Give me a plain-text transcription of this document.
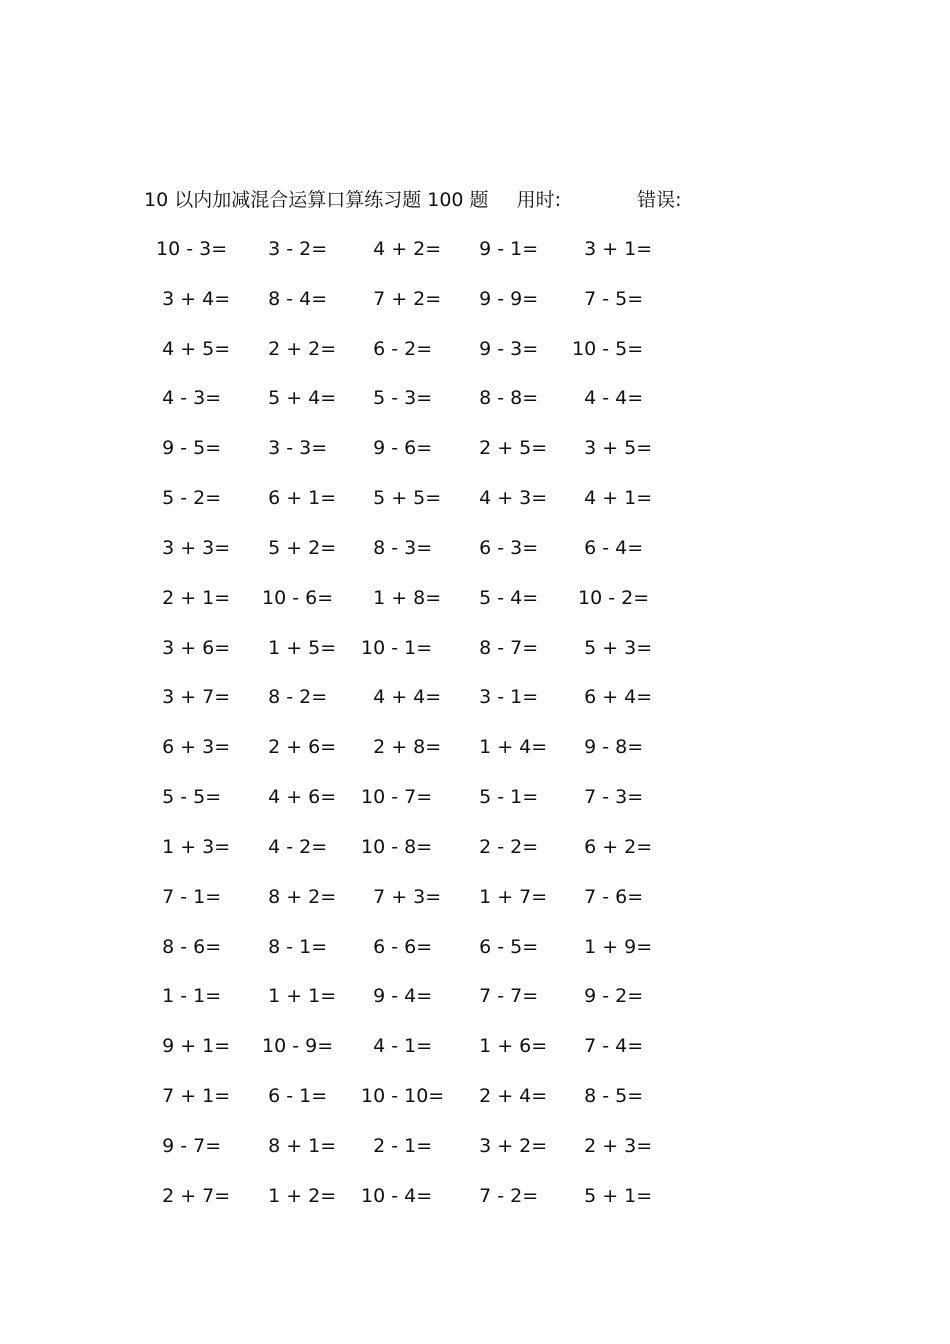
10 以内加减混合运算口算练习题 100 题 用时:	错误:
10 - 3= 3 - 2= 4 + 2= 9 - 1= 3 + 1=
3 + 4= 8 - 4= 7 + 2= 9 - 9= 7 - 5=
4 + 5= 2 + 2= 6 - 2= 9 - 3= 10 - 5=
4 - 3= 5 + 4= 5 - 3= 8 - 8= 4 - 4=
9 - 5= 3 - 3= 9 - 6= 2 + 5= 3 + 5=
5 - 2= 6 + 1= 5 + 5= 4 + 3= 4 + 1=
3 + 3= 5 + 2= 8 - 3= 6 - 3= 6 - 4=
2 + 1= 10 - 6= 1 + 8= 5 - 4= 10 - 2=
3 + 6= 1 + 5= 10 - 1= 8 - 7= 5 + 3=
3 + 7= 8 - 2= 4 + 4= 3 - 1= 6 + 4=
6 + 3= 2 + 6= 2 + 8= 1 + 4= 9 - 8=
5 - 5= 4 + 6= 10 - 7= 5 - 1= 7 - 3=
1 + 3= 4 - 2= 10 - 8= 2 - 2= 6 + 2=
7 - 1= 8 + 2= 7 + 3= 1 + 7= 7 - 6=
8 - 6= 8 - 1= 6 - 6= 6 - 5= 1 + 9=
1 - 1= 1 + 1= 9 - 4= 7 - 7= 9 - 2=
9 + 1= 10 - 9= 4 - 1= 1 + 6= 7 - 4=
7 + 1= 6 - 1= 10 - 10= 2 + 4= 8 - 5=
9 - 7= 8 + 1= 2 - 1= 3 + 2= 2 + 3=
2 + 7= 1 + 2= 10 - 4= 7 - 2= 5 + 1=
